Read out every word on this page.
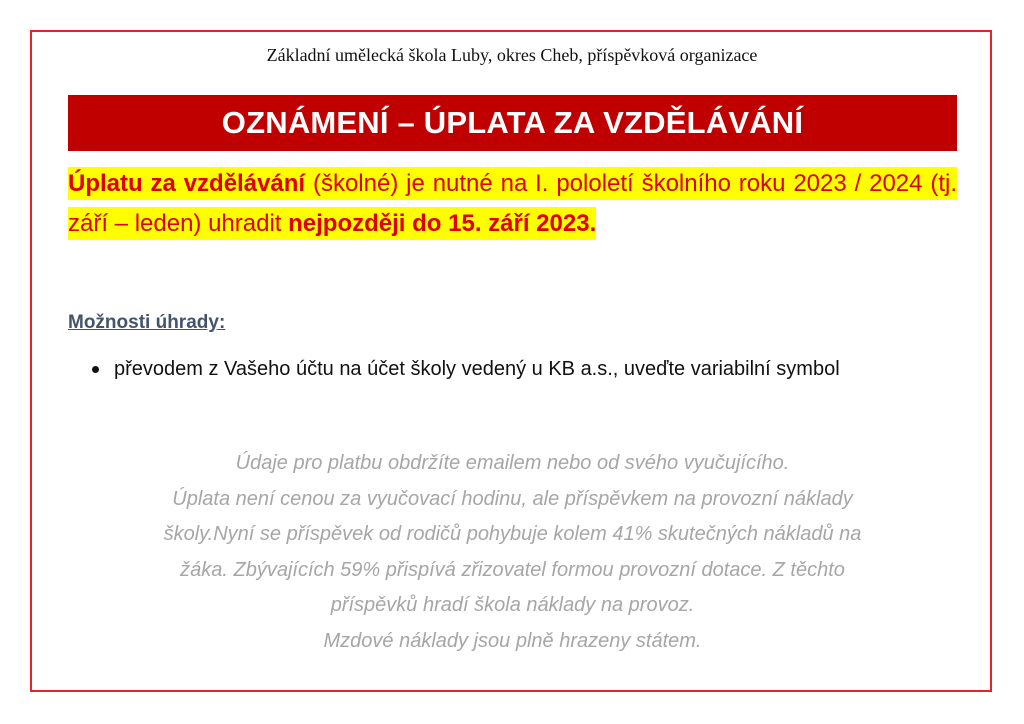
Základní umělecká škola Luby, okres Cheb, příspěvková organizace
OZNÁMENÍ – ÚPLATA ZA VZDĚLÁVÁNÍ
Úplatu za vzdělávání (školné) je nutné na I. pololetí školního roku 2023 / 2024 (tj. září – leden) uhradit nejpozději do 15. září 2023.
Možnosti úhrady:
převodem z Vašeho účtu na účet školy vedený u KB a.s., uveďte variabilní symbol
Údaje pro platbu obdržíte emailem nebo od svého vyučujícího.
Úplata není cenou za vyučovací hodinu, ale příspěvkem na provozní náklady
školy.Nyní se příspěvek od rodičů pohybuje kolem 41% skutečných nákladů na
žáka. Zbývajících 59% přispívá zřizovatel formou provozní dotace. Z těchto
příspěvků hradí škola náklady na provoz.
Mzdové náklady jsou plně hrazeny státem.
